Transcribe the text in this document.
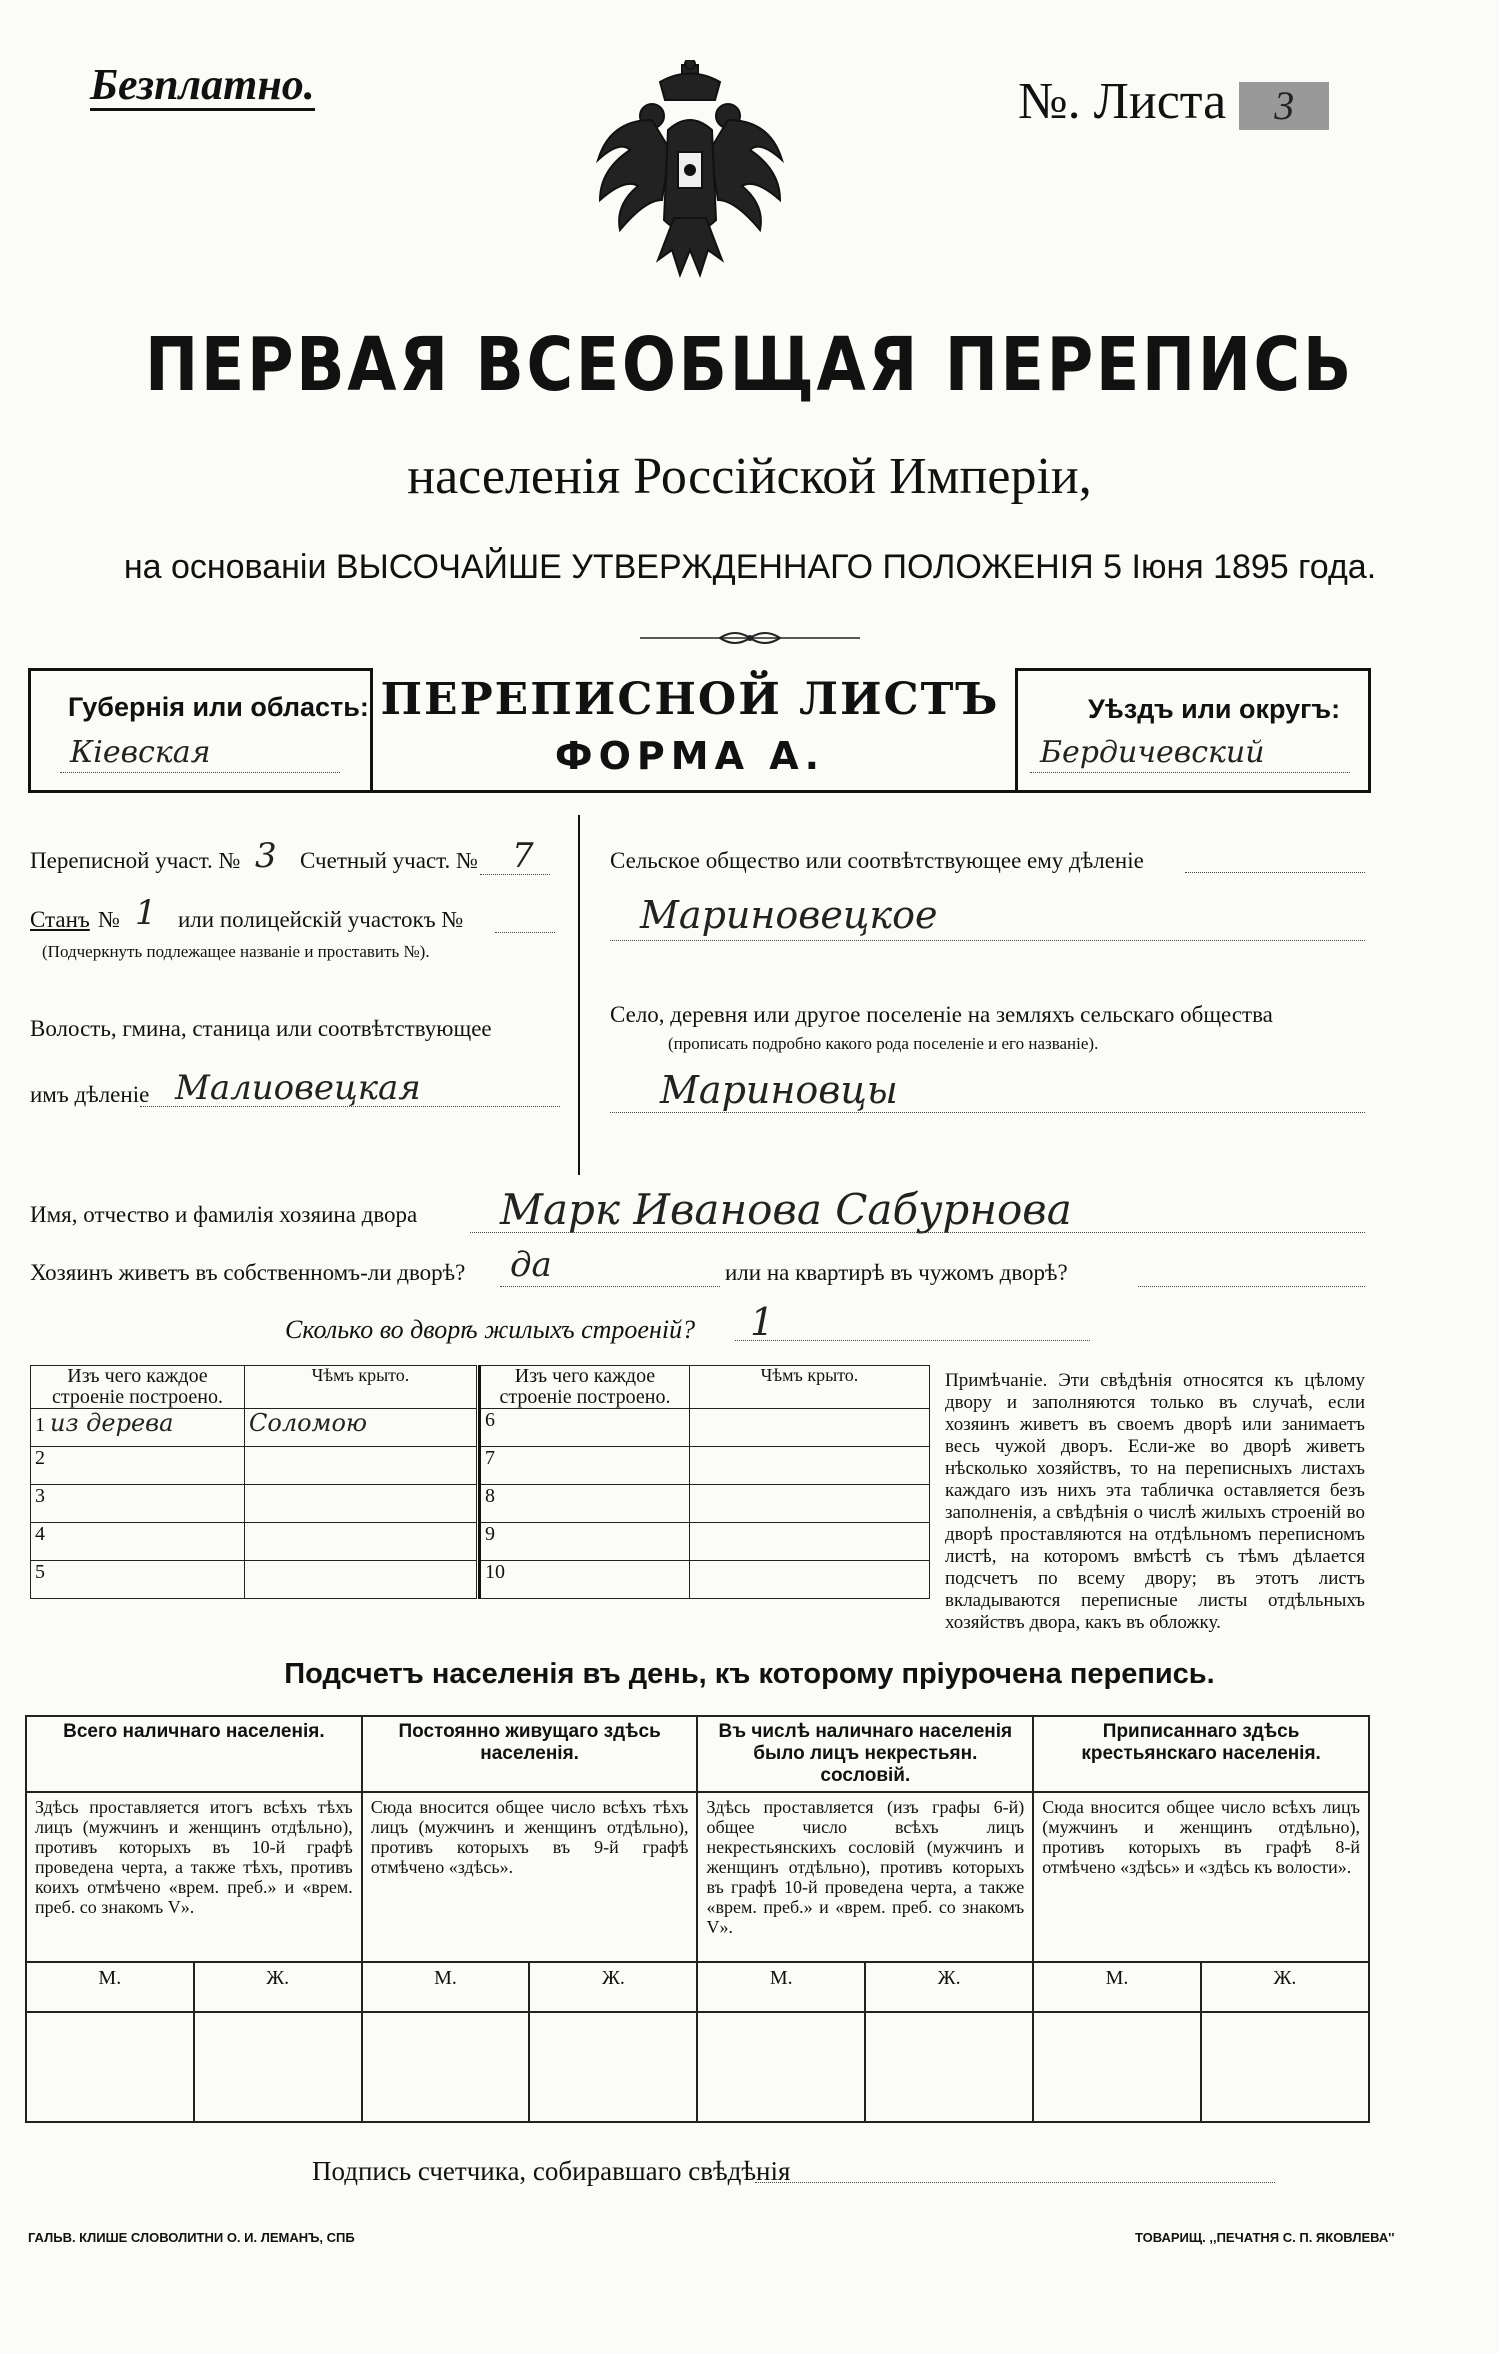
Безплатно.	№. Листа 3
ПЕРВАЯ ВСЕОБЩАЯ ПЕРЕПИСЬ
населенія Россійской Имперіи,
на основаніи ВЫСОЧАЙШЕ УТВЕРЖДЕННАГО ПОЛОЖЕНІЯ 5 Іюня 1895 года.
Губернія или область:
Кiевская
ПЕРЕПИСНОЙ ЛИСТЪ
ФОРМА А.
Уѣздъ или округъ:
Бердичевский
Переписной участ. № 3 Счетный участ. № 7
Станъ № 1 или полицейскій участокъ №
(Подчеркнуть подлежащее названіе и проставить №).
Волость, гмина, станица или соотвѣтствующее
имъ дѣленіе Малиовецкая
Сельское общество или соотвѣтствующее ему дѣленіе
Мариновецкое
Село, деревня или другое поселеніе на земляхъ сельскаго общества
(прописать подробно какого рода поселеніе и его названіе).
Мариновцы
Имя, отчество и фамилія хозяина двора Марк Иванова Сабурнова
Хозяинъ живетъ въ собственномъ-ли дворѣ? да	или на квартирѣ въ чужомъ дворѣ?
Сколько во дворѣ жилыхъ строеній? 1
Изъ чего каждое строеніе построено.	Чѣмъ крыто.
1 из дерева	Соломою
2	
3	
4	
5	
Изъ чего каждое строеніе построено.	Чѣмъ крыто.
6	
7	
8	
9	
10	
Примѣчаніе. Эти свѣдѣнія относятся къ цѣлому двору и заполняются только въ случаѣ, если хозяинъ живетъ въ своемъ дворѣ или занимаетъ весь чужой дворъ. Если-же во дворѣ живетъ нѣсколько хозяйствъ, то на переписныхъ листахъ каждаго изъ нихъ эта табличка оставляется безъ заполненія, а свѣдѣнія о числѣ жилыхъ строеній во дворѣ проставляются на отдѣльномъ переписномъ листѣ, на которомъ вмѣстѣ съ тѣмъ дѣлается подсчетъ по всему двору; въ этотъ листъ вкладываются переписные листы отдѣльныхъ хозяйствъ двора, какъ въ обложку.
Подсчетъ населенія въ день, къ которому пріурочена перепись.
Всего наличнаго населенія.		Постоянно живущаго здѣсь населенія.		Въ числѣ наличнаго населенія было лицъ некрестьян. сословій.		Приписаннаго здѣсь крестьянскаго населенія.	
Здѣсь проставляется итогъ всѣхъ тѣхъ лицъ (мужчинъ и женщинъ отдѣльно), противъ которыхъ въ 10-й графѣ проведена черта, а также тѣхъ, противъ коихъ отмѣчено «врем. преб.» и «врем. преб. со знакомъ V».		Сюда вносится общее число всѣхъ тѣхъ лицъ (мужчинъ и женщинъ отдѣльно), противъ которыхъ въ 9-й графѣ отмѣчено «здѣсь».		Здѣсь проставляется (изъ графы 6-й) общее число всѣхъ лицъ некрестьянскихъ сословій (мужчинъ и женщинъ отдѣльно), противъ которыхъ въ графѣ 10-й проведена черта, а также «врем. преб.» и «врем. преб. со знакомъ V».		Сюда вносится общее число всѣхъ лицъ (мужчинъ и женщинъ отдѣльно), противъ которыхъ въ графѣ 8-й отмѣчено «здѣсь» и «здѣсь къ волости».	
М.	Ж.	М.	Ж.	М.	Ж.	М.	Ж.

Подпись счетчика, собиравшаго свѣдѣнія
ГАЛЬВ. КЛИШЕ СЛОВОЛИТНИ О. И. ЛЕМАНЪ, СПБ	ТОВАРИЩ. ,,ПЕЧАТНЯ С. П. ЯКОВЛЕВА''
